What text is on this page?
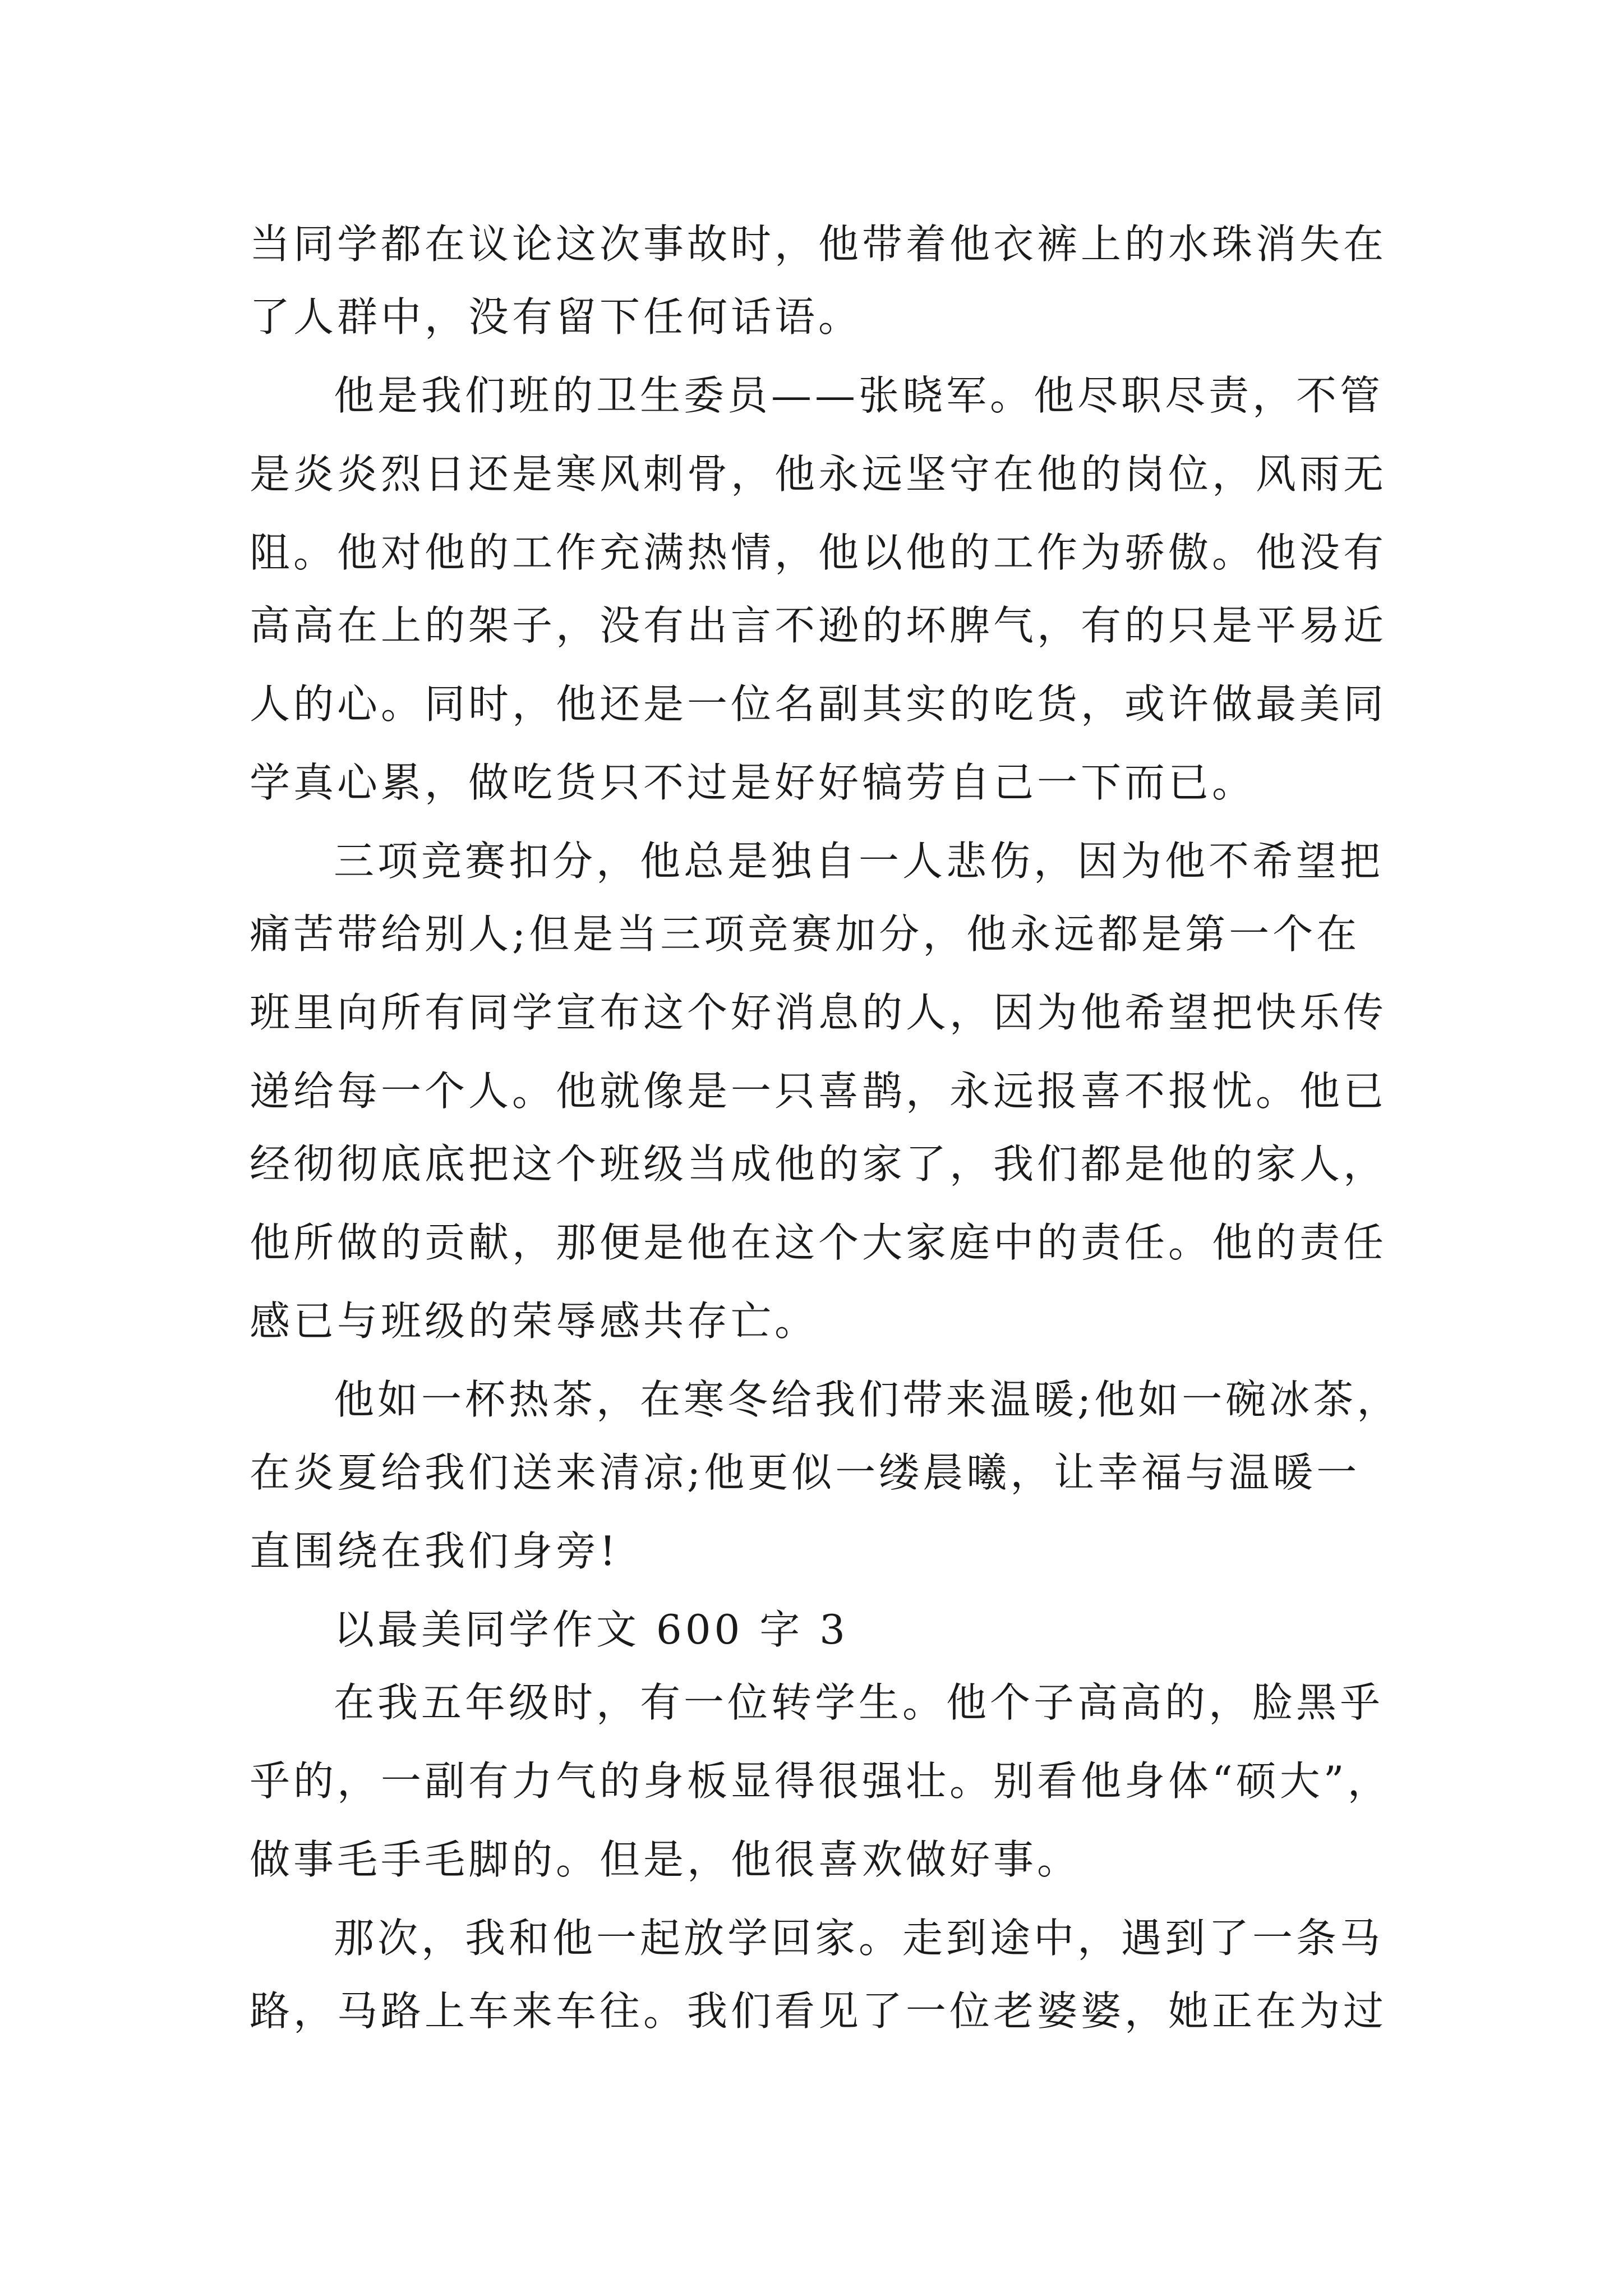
当同学都在议论这次事故时，他带着他衣裤上的水珠消失在
了人群中，没有留下任何话语。
他是我们班的卫生委员——张晓军。他尽职尽责，不管
是炎炎烈日还是寒风刺骨，他永远坚守在他的岗位，风雨无
阻。他对他的工作充满热情，他以他的工作为骄傲。他没有
高高在上的架子，没有出言不逊的坏脾气，有的只是平易近
人的心。同时，他还是一位名副其实的吃货，或许做最美同
学真心累，做吃货只不过是好好犒劳自己一下而已。
三项竞赛扣分，他总是独自一人悲伤，因为他不希望把
痛苦带给别人;但是当三项竞赛加分，他永远都是第一个在
班里向所有同学宣布这个好消息的人，因为他希望把快乐传
递给每一个人。他就像是一只喜鹊，永远报喜不报忧。他已
经彻彻底底把这个班级当成他的家了，我们都是他的家人，
他所做的贡献，那便是他在这个大家庭中的责任。他的责任
感已与班级的荣辱感共存亡。
他如一杯热茶，在寒冬给我们带来温暖;他如一碗冰茶，
在炎夏给我们送来清凉;他更似一缕晨曦，让幸福与温暖一
直围绕在我们身旁!
以最美同学作文 600 字 3
在我五年级时，有一位转学生。他个子高高的，脸黑乎
乎的，一副有力气的身板显得很强壮。别看他身体“硕大”，
做事毛手毛脚的。但是，他很喜欢做好事。
那次，我和他一起放学回家。走到途中，遇到了一条马
路，马路上车来车往。我们看见了一位老婆婆，她正在为过
